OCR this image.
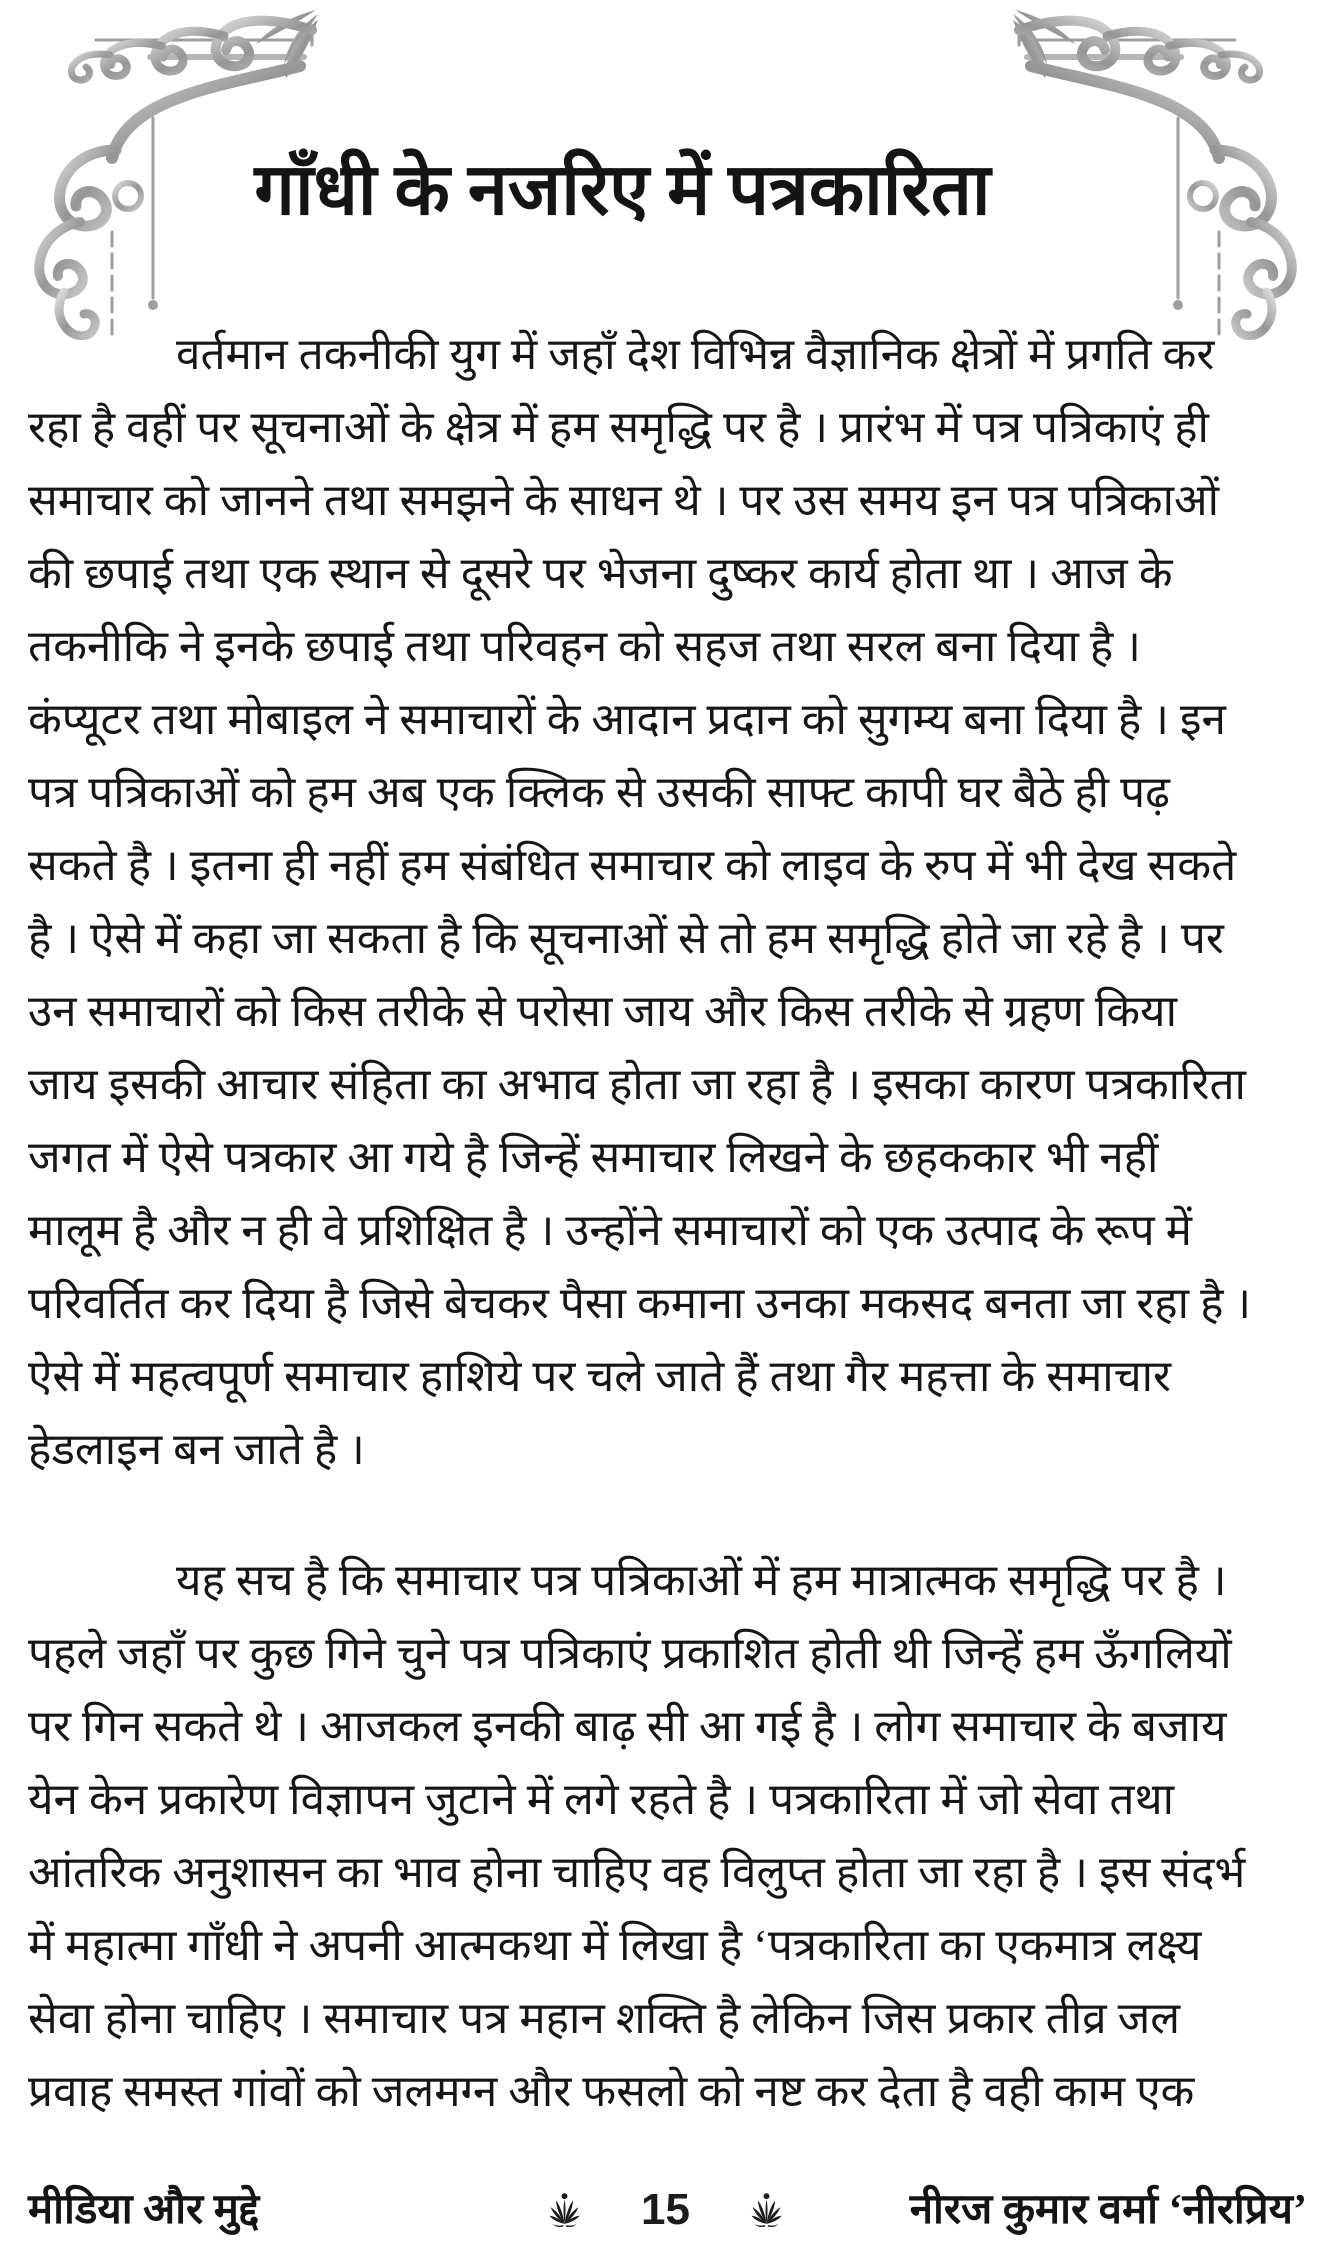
गाँधी के नजरिए में पत्रकारिता
वर्तमान तकनीकी युग में जहाँ देश विभिन्न वैज्ञानिक क्षेत्रों में प्रगति कर
रहा है वहीं पर सूचनाओं के क्षेत्र में हम समृद्धि पर है । प्रारंभ में पत्र पत्रिकाएं ही
समाचार को जानने तथा समझने के साधन थे । पर उस समय इन पत्र पत्रिकाओं
की छपाई तथा एक स्थान से दूसरे पर भेजना दुष्कर कार्य होता था । आज के
तकनीकि ने इनके छपाई तथा परिवहन को सहज तथा सरल बना दिया है ।
कंप्यूटर तथा मोबाइल ने समाचारों के आदान प्रदान को सुगम्य बना दिया है । इन
पत्र पत्रिकाओं को हम अब एक क्लिक से उसकी साफ्ट कापी घर बैठे ही पढ़
सकते है । इतना ही नहीं हम संबंधित समाचार को लाइव के रुप में भी देख सकते
है । ऐसे में कहा जा सकता है कि सूचनाओं से तो हम समृद्धि होते जा रहे है । पर
उन समाचारों को किस तरीके से परोसा जाय और किस तरीके से ग्रहण किया
जाय इसकी आचार संहिता का अभाव होता जा रहा है । इसका कारण पत्रकारिता
जगत में ऐसे पत्रकार आ गये है जिन्हें समाचार लिखने के छहककार भी नहीं
मालूम है और न ही वे प्रशिक्षित है । उन्होंने समाचारों को एक उत्पाद के रूप में
परिवर्तित कर दिया है जिसे बेचकर पैसा कमाना उनका मकसद बनता जा रहा है ।
ऐसे में महत्वपूर्ण समाचार हाशिये पर चले जाते हैं तथा गैर महत्ता के समाचार
हेडलाइन बन जाते है ।
यह सच है कि समाचार पत्र पत्रिकाओं में हम मात्रात्मक समृद्धि पर है ।
पहले जहाँ पर कुछ गिने चुने पत्र पत्रिकाएं प्रकाशित होती थी जिन्हें हम ऊँगलियों
पर गिन सकते थे । आजकल इनकी बाढ़ सी आ गई है । लोग समाचार के बजाय
येन केन प्रकारेण विज्ञापन जुटाने में लगे रहते है । पत्रकारिता में जो सेवा तथा
आंतरिक अनुशासन का भाव होना चाहिए वह विलुप्त होता जा रहा है । इस संदर्भ
में महात्मा गाँधी ने अपनी आत्मकथा में लिखा है ‘पत्रकारिता का एकमात्र लक्ष्य
सेवा होना चाहिए । समाचार पत्र महान शक्ति है लेकिन जिस प्रकार तीव्र जल
प्रवाह समस्त गांवों को जलमग्न और फसलो को नष्ट कर देता है वही काम एक
मीडिया और मुद्दे	15	नीरज कुमार वर्मा ‘नीरप्रिय’
